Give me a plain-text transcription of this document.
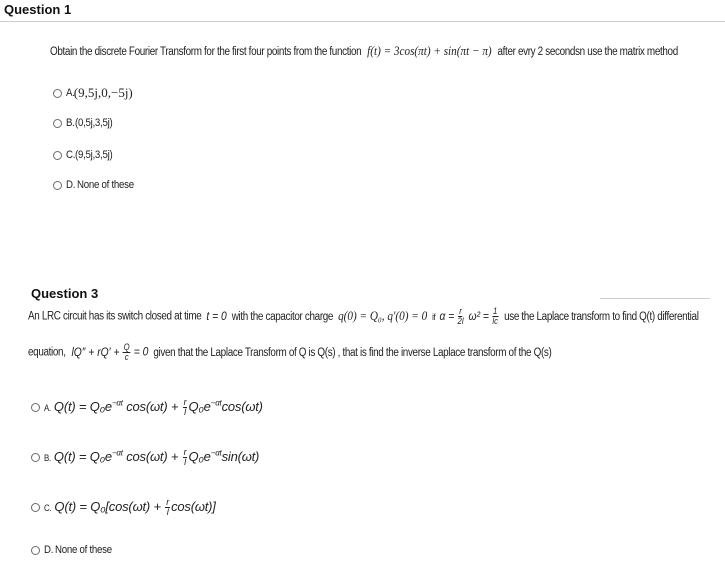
Question 1
Obtain the discrete Fourier Transform for the first four points from the function f(t) = 3cos(πt) + sin(πt − π) after evry 2 secondsn use the matrix method
A. (9,5j,0,−5j)
B. (0,5j,3,5j)
C. (9,5j,3,5j)
D. None of these
Question 3
An LRC circuit has its switch closed at time t = 0 with the capacitor charge q(0) = Q₀, q′(0) = 0 if $\alpha = \frac{r}{2l} \omega^2 = \frac{1}{lc}$ use the Laplace transform to find Q(t) differential
equation, $lQ'' + rQ' + \frac{Q}{c} = 0$ given that the Laplace Transform of Q is Q(s) , that is find the inverse Laplace transform of the Q(s)
A. $Q(t) = Q_0e^{-\alpha t}$ $\cos(\omega t) + \frac{r}{l} Q_0e^{-\alpha t}\cos(\omega t)$
B. $Q(t) = Q_0e^{-\alpha t}$ $\cos(\omega t) + \frac{r}{l} Q_0e^{-\alpha t}\sin(\omega t)$
C. $Q(t) = Q_0[\cos(\omega t) + \frac{r}{l} \cos(\omega t)]$
D. None of these
